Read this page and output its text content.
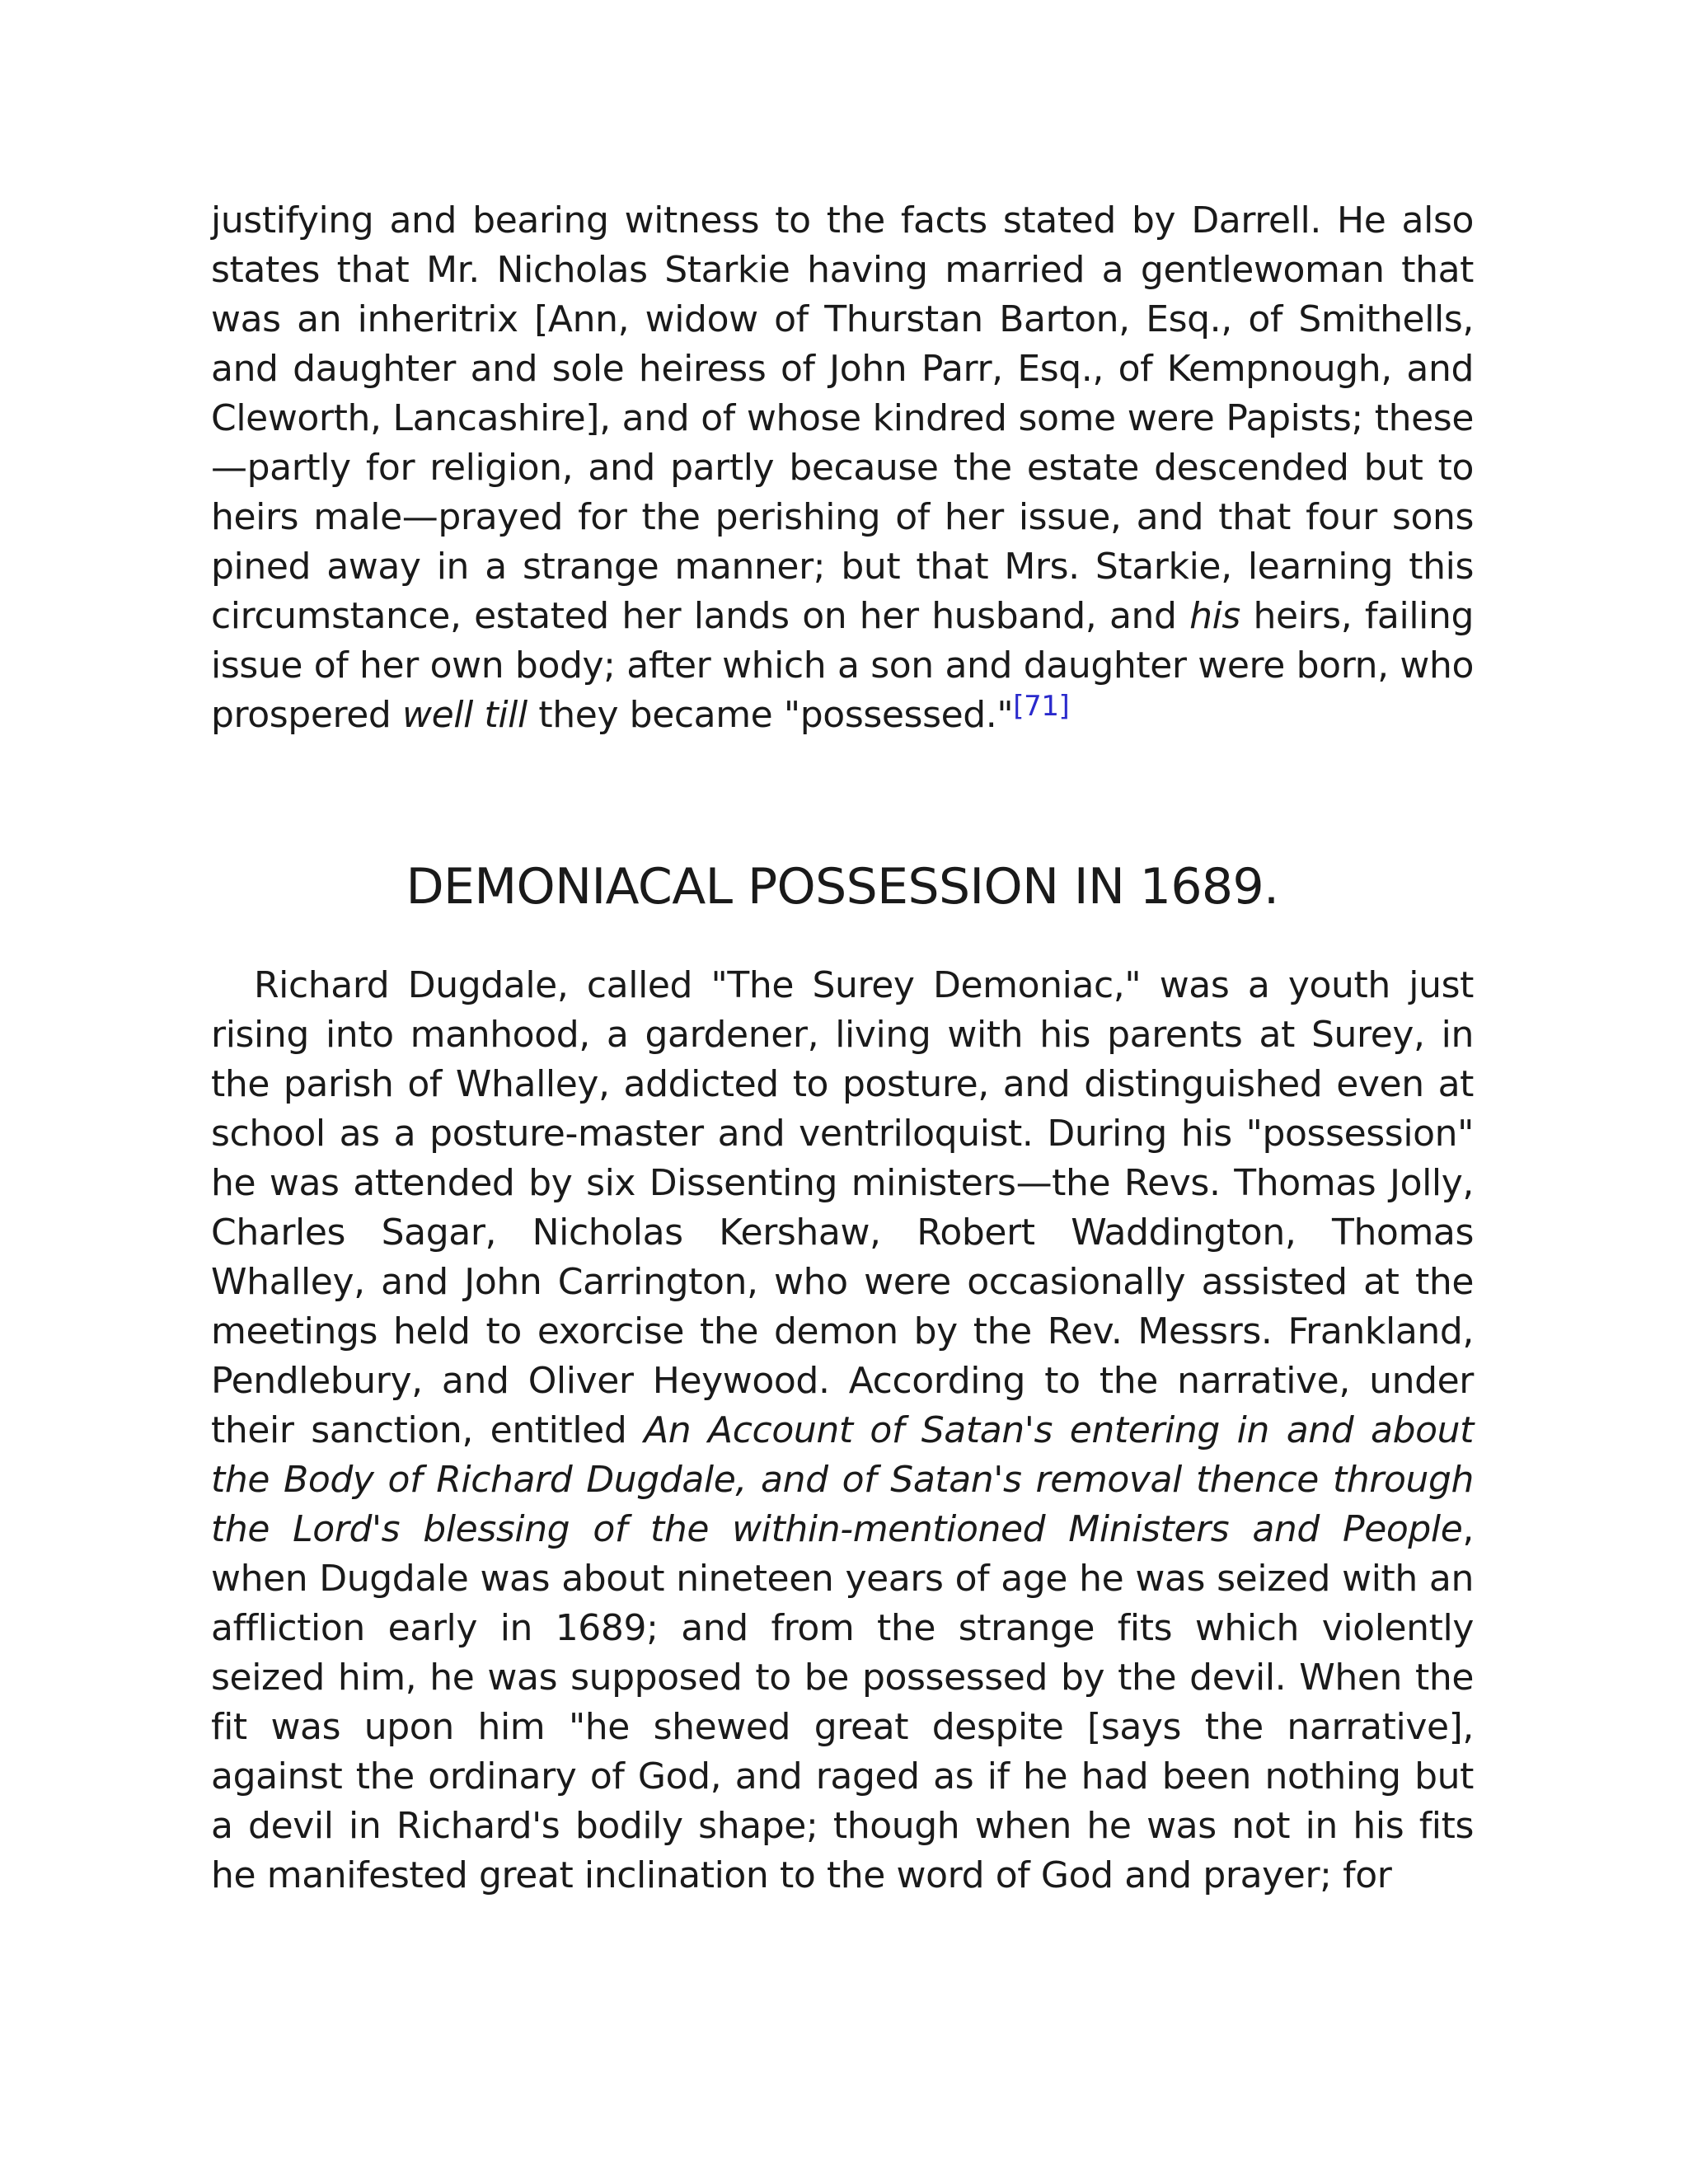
justifying and bearing witness to the facts stated by Darrell. He also states that Mr. Nicholas Starkie having married a gentlewoman that was an inheritrix [Ann, widow of Thurstan Barton, Esq., of Smithells, and daughter and sole heiress of John Parr, Esq., of Kempnough, and Cleworth, Lancashire], and of whose kindred some were Papists; these—partly for religion, and partly because the estate descended but to heirs male—prayed for the perishing of her issue, and that four sons pined away in a strange manner; but that Mrs. Starkie, learning this circumstance, estated her lands on her husband, and his heirs, failing issue of her own body; after which a son and daughter were born, who prospered well till they became "possessed."[71]

DEMONIACAL POSSESSION IN 1689.

Richard Dugdale, called "The Surey Demoniac," was a youth just rising into manhood, a gardener, living with his parents at Surey, in the parish of Whalley, addicted to posture, and distinguished even at school as a posture-master and ventriloquist. During his "possession" he was attended by six Dissenting ministers—the Revs. Thomas Jolly, Charles Sagar, Nicholas Kershaw, Robert Waddington, Thomas Whalley, and John Carrington, who were occasionally assisted at the meetings held to exorcise the demon by the Rev. Messrs. Frankland, Pendlebury, and Oliver Heywood. According to the narrative, under their sanction, entitled An Account of Satan's entering in and about the Body of Richard Dugdale, and of Satan's removal thence through the Lord's blessing of the within-mentioned Ministers and People, when Dugdale was about nineteen years of age he was seized with an affliction early in 1689; and from the strange fits which violently seized him, he was supposed to be possessed by the devil. When the fit was upon him "he shewed great despite [says the narrative], against the ordinary of God, and raged as if he had been nothing but a devil in Richard's bodily shape; though when he was not in his fits he manifested great inclination to the word of God and prayer; for
